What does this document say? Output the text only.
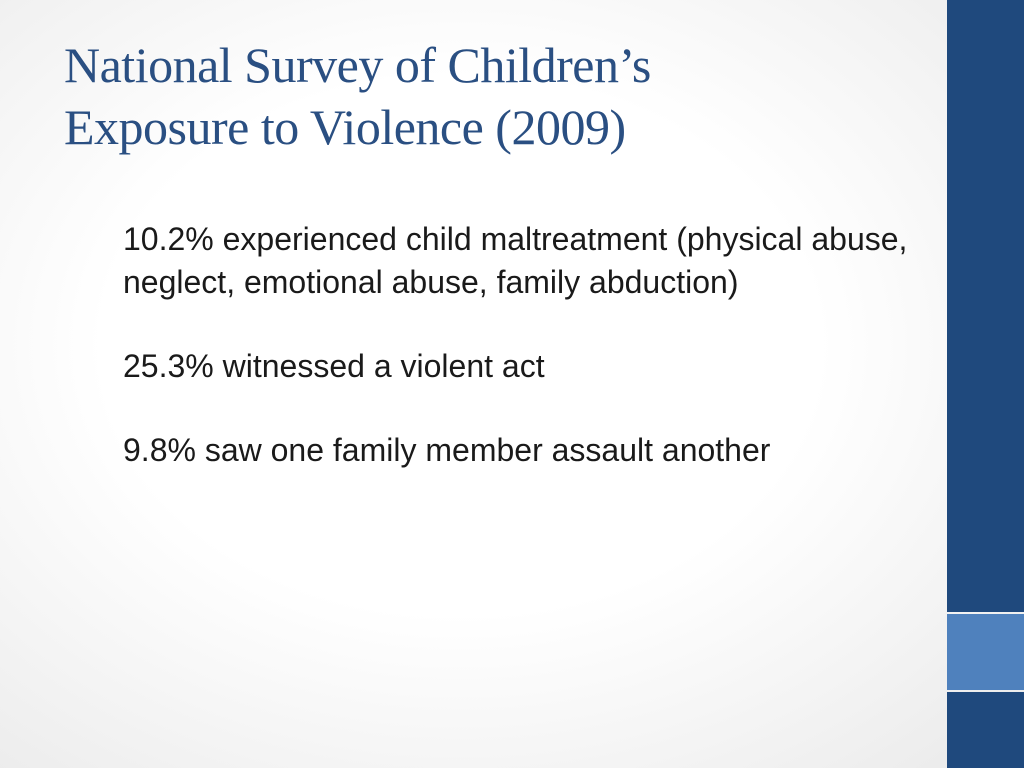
National Survey of Children’s
Exposure to Violence (2009)

10.2% experienced child maltreatment (physical abuse, neglect, emotional abuse, family abduction)

25.3% witnessed a violent act

9.8% saw one family member assault another
